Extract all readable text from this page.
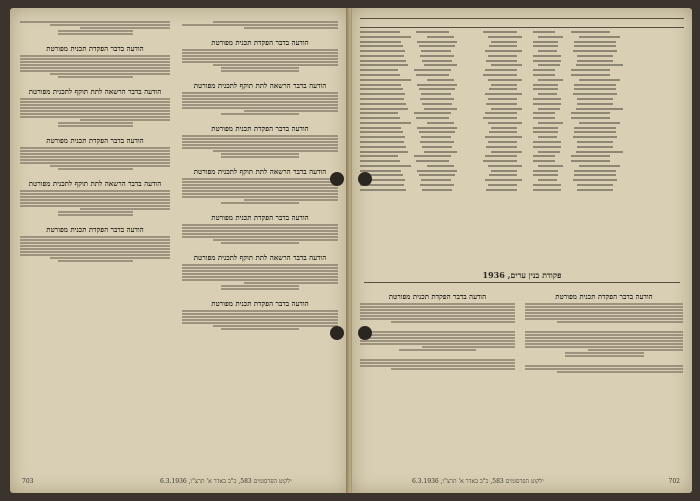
הודעה בדבר הפקדת תכנית מפורטת
הודעה בדבר הרשאה לתת תוקף לתכנית מפורטת
הודעה בדבר הפקדת תכנית מפורטת
הודעה בדבר הרשאה לתת תוקף לתכנית מפורטת
הודעה בדבר הפקדת תכנית מפורטת
הודעה בדבר הרשאה לתת תוקף לתכנית מפורטת
הודעה בדבר הפקדת תכנית מפורטת
הודעה בדבר הפקדת תכנית מפורטת
הודעה בדבר הרשאה לתת תוקף לתכנית מפורטת
הודעה בדבר הפקדת תכנית מפורטת
הודעה בדבר הרשאה לתת תוקף לתכנית מפורטת
הודעה בדבר הפקדת תכנית מפורטת
703	ילקוט הפרסומים 583, כ"ב באדר א' תרצ"ו, 6.3.1936
פקודת בנין ערים, 1936
הודעה בדבר הפקדת תכנית מפורטת
הודעה בדבר הפקדת תכנית מפורטת
702
ילקוט הפרסומים 583, כ"ב באדר א' תרצ"ו, 6.3.1936
